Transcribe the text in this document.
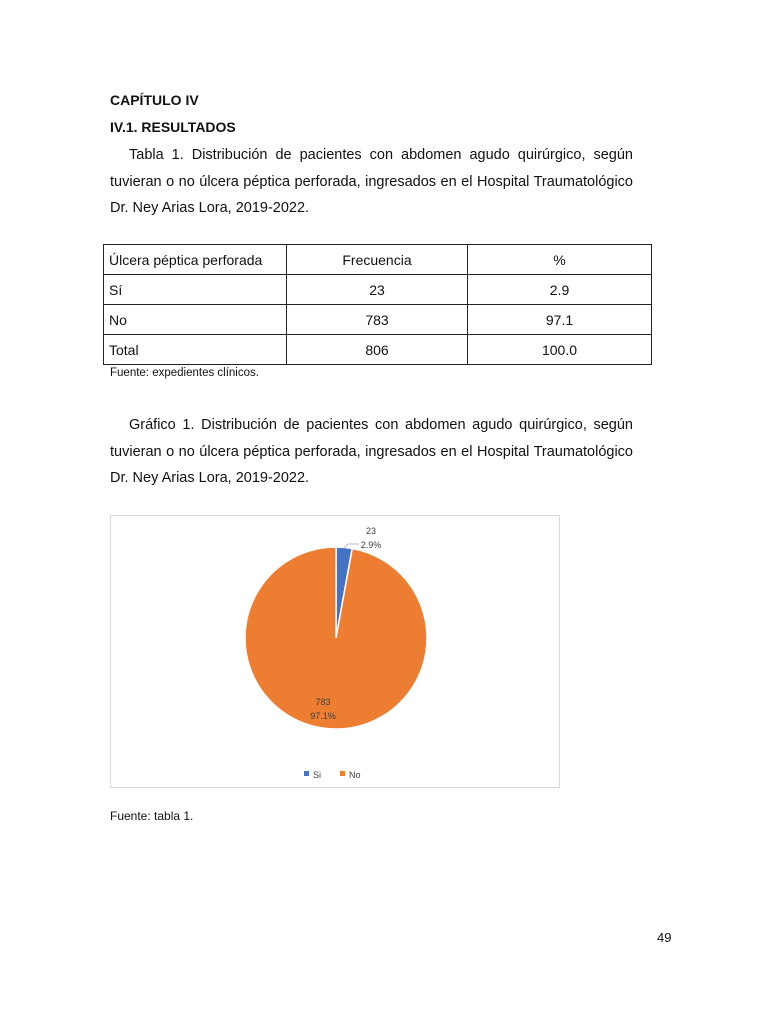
CAPÍTULO IV
IV.1. RESULTADOS

Tabla 1. Distribución de pacientes con abdomen agudo quirúrgico, según tuvieran o no úlcera péptica perforada, ingresados en el Hospital Traumatológico Dr. Ney Arias Lora, 2019-2022.

Úlcera péptica perforada	Frecuencia	%
Sí	23	2.9
No	783	97.1
Total	806	100.0
Fuente: expedientes clínicos.

Gráfico 1. Distribución de pacientes con abdomen agudo quirúrgico, según tuvieran o no úlcera péptica perforada, ingresados en el Hospital Traumatológico Dr. Ney Arias Lora, 2019-2022.

23
2.9%
783
97.1%
Si	No
Fuente: tabla 1.
49
